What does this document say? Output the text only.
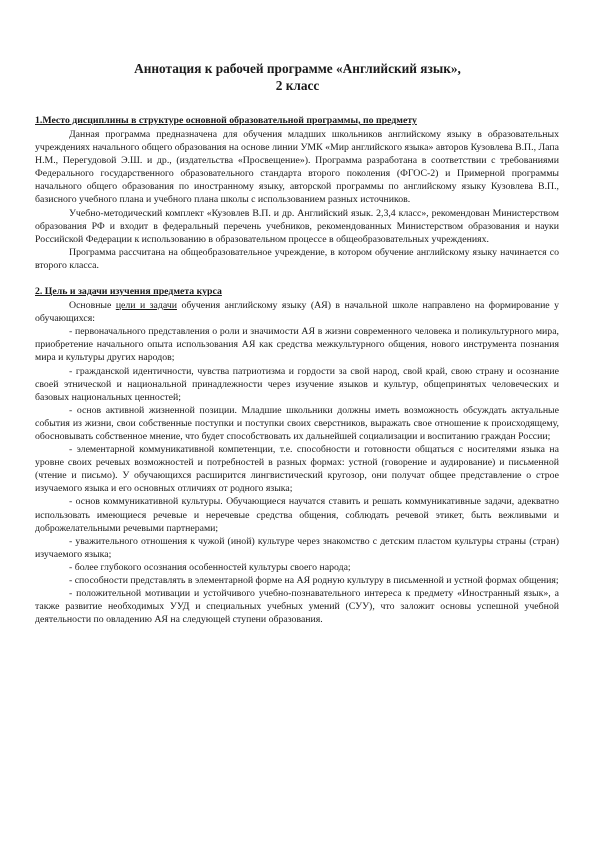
Аннотация к рабочей программе «Английский язык»,
2 класс
1.Место дисциплины в структуре основной образовательной программы, по предмету

Данная программа предназначена для обучения младших школьников английскому языку в образовательных учреждениях начального общего образования на основе линии УМК «Мир английского языка» авторов Кузовлева В.П., Лапа Н.М., Перегудовой Э.Ш. и др., (издательства «Просвещение»). Программа разработана в соответствии с требованиями Федерального государственного образовательного стандарта второго поколения (ФГОС-2) и Примерной программы начального общего образования по иностранному языку, авторской программы по английскому языку Кузовлева В.П., базисного учебного плана и учебного плана школы с использованием разных источников.

Учебно-методический комплект «Кузовлев В.П. и др. Английский язык. 2,3,4 класс», рекомендован Министерством образования РФ и входит в федеральный перечень учебников, рекомендованных Министерством образования и науки Российской Федерации к использованию в образовательном процессе в общеобразовательных учреждениях.

Программа рассчитана на общеобразовательное учреждение, в котором обучение английскому языку начинается со второго класса.

2. Цель и задачи изучения предмета курса

Основные цели и задачи обучения английскому языку (АЯ) в начальной школе направлено на формирование у обучающихся:

- первоначального представления о роли и значимости АЯ в жизни современного человека и поликультурного мира, приобретение начального опыта использования АЯ как средства межкультурного общения, нового инструмента познания мира и культуры других народов;

- гражданской идентичности, чувства патриотизма и гордости за свой народ, свой край, свою страну и осознание своей этнической и национальной принадлежности через изучение языков и культур, общепринятых человеческих и базовых национальных ценностей;

- основ активной жизненной позиции. Младшие школьники должны иметь возможность обсуждать актуальные события из жизни, свои собственные поступки и поступки своих сверстников, выражать свое отношение к происходящему, обосновывать собственное мнение, что будет способствовать их дальнейшей социализации и воспитанию граждан России;

- элементарной коммуникативной компетенции, т.е. способности и готовности общаться с носителями языка на уровне своих речевых возможностей и потребностей в разных формах: устной (говорение и аудирование) и письменной (чтение и письмо). У обучающихся расширится лингвистический кругозор, они получат общее представление о строе изучаемого языка и его основных отличиях от родного языка;

- основ коммуникативной культуры. Обучающиеся научатся ставить и решать коммуникативные задачи, адекватно использовать имеющиеся речевые и неречевые средства общения, соблюдать речевой этикет, быть вежливыми и доброжелательными речевыми партнерами;

- уважительного отношения к чужой (иной) культуре через знакомство с детским пластом культуры страны (стран) изучаемого языка;

- более глубокого осознания особенностей культуры своего народа;

- способности представлять в элементарной форме на АЯ родную культуру в письменной и устной формах общения;

- положительной мотивации и устойчивого учебно-познавательного интереса к предмету «Иностранный язык», а также развитие необходимых УУД и специальных учебных умений (СУУ), что заложит основы успешной учебной деятельности по овладению АЯ на следующей ступени образования.
